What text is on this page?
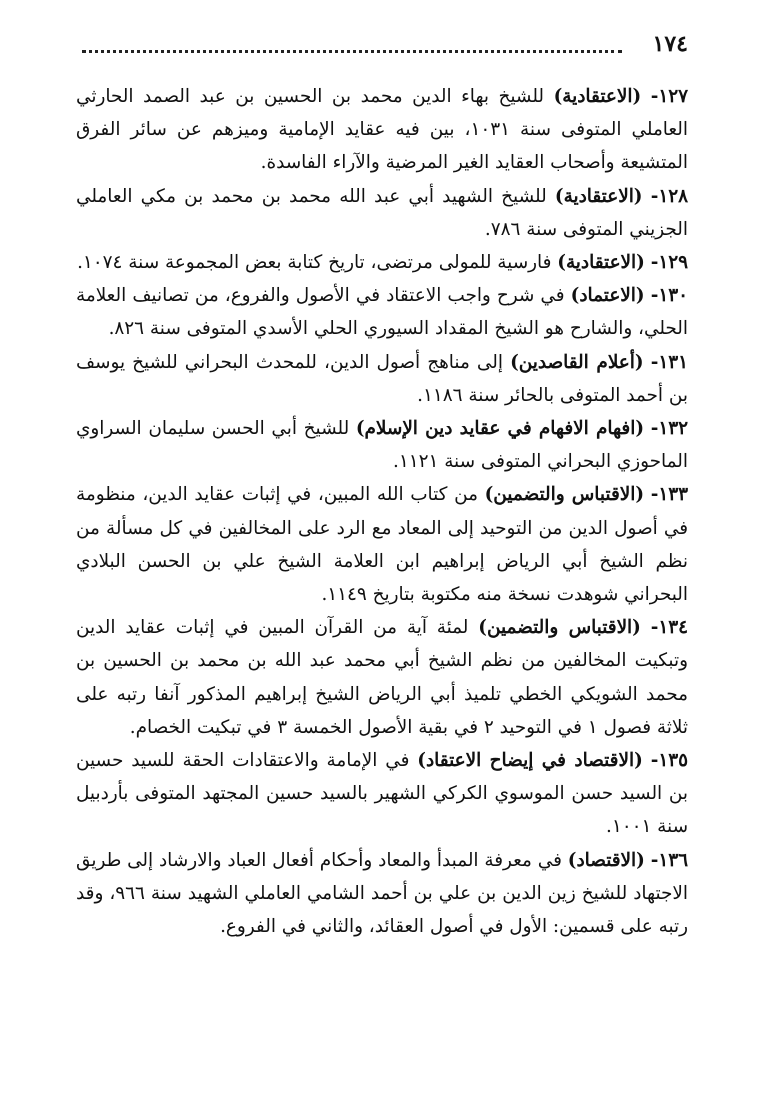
١٧٤

١٢٧- (الاعتقادية) للشيخ بهاء الدين محمد بن الحسين بن عبد الصمد الحارثي العاملي المتوفى سنة ١٠٣١، بين فيه عقايد الإمامية وميزهم عن سائر الفرق المتشيعة وأصحاب العقايد الغير المرضية والآراء الفاسدة.

١٢٨- (الاعتقادية) للشيخ الشهيد أبي عبد الله محمد بن محمد بن مكي العاملي الجزيني المتوفى سنة ٧٨٦.

١٢٩- (الاعتقادية) فارسية للمولى مرتضى، تاريخ كتابة بعض المجموعة سنة ١٠٧٤.

١٣٠- (الاعتماد) في شرح واجب الاعتقاد في الأصول والفروع، من تصانيف العلامة الحلي، والشارح هو الشيخ المقداد السيوري الحلي الأسدي المتوفى سنة ٨٢٦.

١٣١- (أعلام القاصدين) إلى مناهج أصول الدين، للمحدث البحراني للشيخ يوسف بن أحمد المتوفى بالحائر سنة ١١٨٦.

١٣٢- (افهام الافهام في عقايد دين الإسلام) للشيخ أبي الحسن سليمان السراوي الماحوزي البحراني المتوفى سنة ١١٢١.

١٣٣- (الاقتباس والتضمين) من كتاب الله المبين، في إثبات عقايد الدين، منظومة في أصول الدين من التوحيد إلى المعاد مع الرد على المخالفين في كل مسألة من نظم الشيخ أبي الرياض إبراهيم ابن العلامة الشيخ علي بن الحسن البلادي البحراني شوهدت نسخة منه مكتوبة بتاريخ ١١٤٩.

١٣٤- (الاقتباس والتضمين) لمئة آية من القرآن المبين في إثبات عقايد الدين وتبكيت المخالفين من نظم الشيخ أبي محمد عبد الله بن محمد بن الحسين بن محمد الشويكي الخطي تلميذ أبي الرياض الشيخ إبراهيم المذكور آنفا رتبه على ثلاثة فصول ١ في التوحيد ٢ في بقية الأصول الخمسة ٣ في تبكيت الخصام.

١٣٥- (الاقتصاد في إيضاح الاعتقاد) في الإمامة والاعتقادات الحقة للسيد حسين بن السيد حسن الموسوي الكركي الشهير بالسيد حسين المجتهد المتوفى بأردبيل سنة ١٠٠١.

١٣٦- (الاقتصاد) في معرفة المبدأ والمعاد وأحكام أفعال العباد والارشاد إلى طريق الاجتهاد للشيخ زين الدين بن علي بن أحمد الشامي العاملي الشهيد سنة ٩٦٦، وقد رتبه على قسمين: الأول في أصول العقائد، والثاني في الفروع.
